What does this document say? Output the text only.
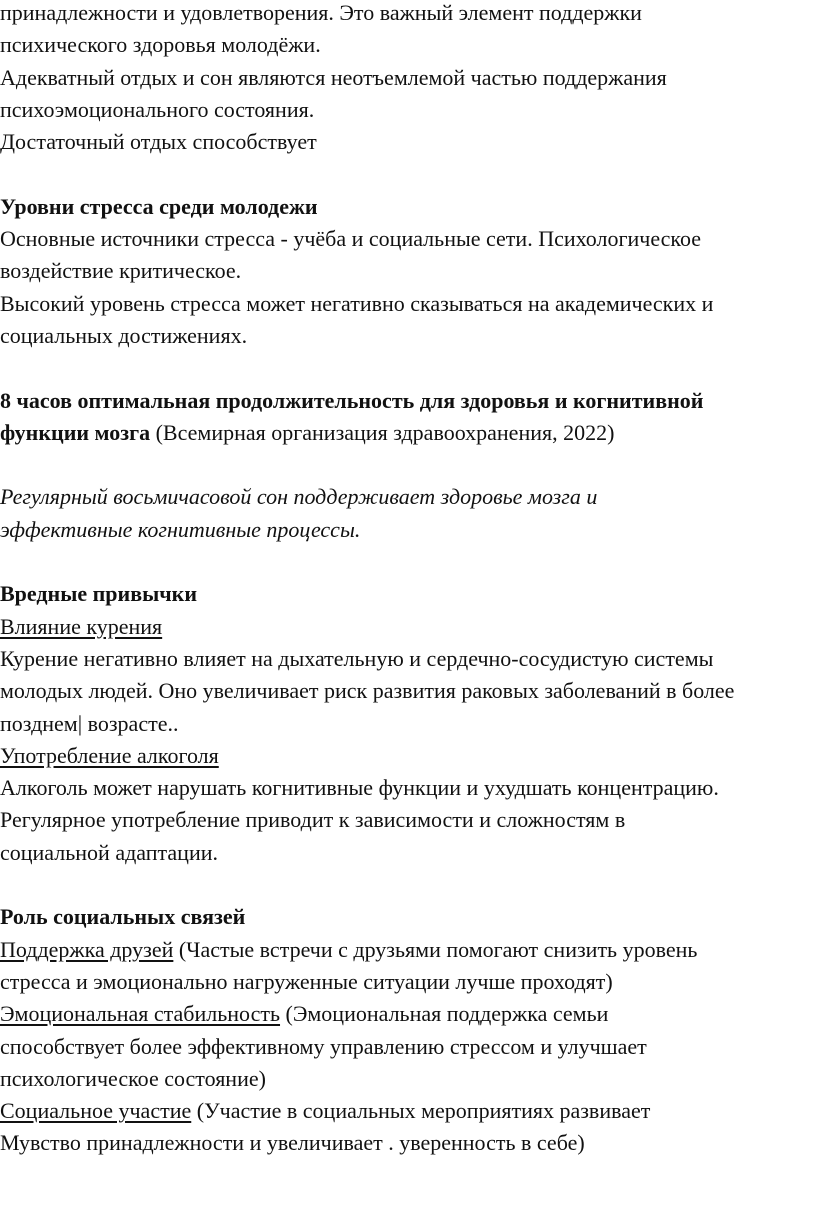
принадлежности и удовлетворения. Это важный элемент поддержки
психического здоровья молодёжи.
Адекватный отдых и сон являются неотъемлемой частью поддержания
психоэмоционального состояния.
Достаточный отдых способствует
Уровни стресса среди молодежи
Основные источники стресса - учёба и социальные сети. Психологическое
воздействие критическое.
Высокий уровень стресса может негативно сказываться на академических и
социальных достижениях.
8 часов оптимальная продолжительность для здоровья и когнитивной
функции мозга (Всемирная организация здравоохранения, 2022)
Регулярный восьмичасовой сон поддерживает здоровье мозга и
эффективные когнитивные процессы.
Вредные привычки
Влияние курения
Курение негативно влияет на дыхательную и сердечно-сосудистую системы
молодых людей. Оно увеличивает риск развития раковых заболеваний в более
позднем| возрасте..
Употребление алкоголя
Алкоголь может нарушать когнитивные функции и ухудшать концентрацию.
Регулярное употребление приводит к зависимости и сложностям в
социальной адаптации.
Роль социальных связей
Поддержка друзей (Частые встречи с друзьями помогают снизить уровень
стресса и эмоционально нагруженные ситуации лучше проходят)
Эмоциональная стабильность (Эмоциональная поддержка семьи
способствует более эффективному управлению стрессом и улучшает
психологическое состояние)
Социальное участие (Участие в социальных мероприятиях развивает
Мувство принадлежности и увеличивает . уверенность в себе)
